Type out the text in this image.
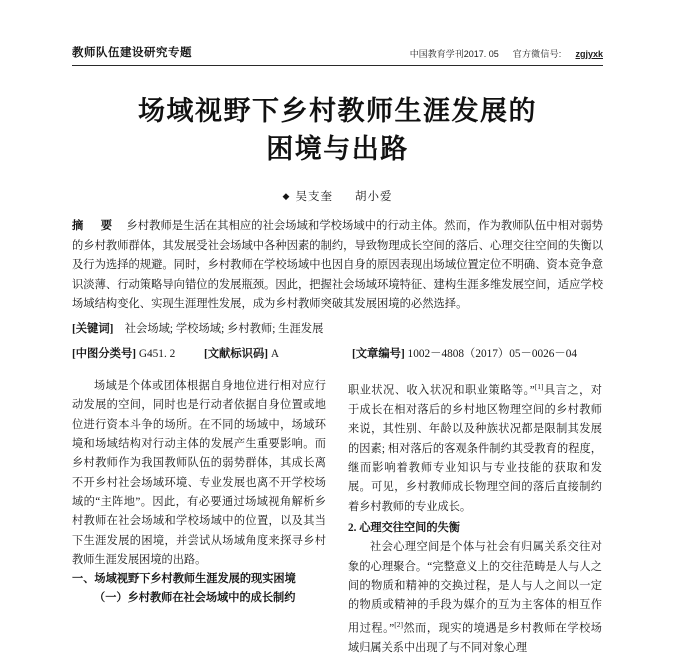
教师队伍建设研究专题	中国教育学刊2017. 05 官方微信号: zgjyxk
场域视野下乡村教师生涯发展的
困境与出路
◆ 吴支奎 胡小爱
摘　要　 乡村教师是生活在其相应的社会场域和学校场域中的行动主体。然而，作为教师队伍中相对弱势的乡村教师群体，其发展受社会场域中各种因素的制约，导致物理成长空间的落后、心理交往空间的失衡以及行为选择的规避。同时，乡村教师在学校场域中也因自身的原因表现出场域位置定位不明确、资本竞争意识淡薄、行动策略导向错位的发展瓶颈。因此，把握社会场域环境特征、建构生涯多维发展空间，适应学校场域结构变化、实现生涯理性发展，成为乡村教师突破其发展困境的必然选择。
[关键词]　 社会场域; 学校场域; 乡村教师; 生涯发展
[中图分类号] G451. 2	[文献标识码] A	[文章编号] 1002－4808（2017）05－0026－04

场域是个体或团体根据自身地位进行相对应行动发展的空间，同时也是行动者依据自身位置或地位进行资本斗争的场所。在不同的场域中，场域环境和场域结构对行动主体的发展产生重要影响。而乡村教师作为我国教师队伍的弱势群体，其成长离不开乡村社会场域环境、专业发展也离不开学校场域的“主阵地”。因此，有必要通过场域视角解析乡村教师在社会场域和学校场域中的位置，以及其当下生涯发展的困境，并尝试从场域角度来探寻乡村教师生涯发展困境的出路。

一、场域视野下乡村教师生涯发展的现实困境

（一）乡村教师在社会场域中的成长制约

职业状况、收入状况和职业策略等。”[1]具言之，对于成长在相对落后的乡村地区物理空间的乡村教师来说，其性别、年龄以及种族状况都是限制其发展的因素; 相对落后的客观条件制约其受教育的程度，继而影响着教师专业知识与专业技能的获取和发展。可见，乡村教师成长物理空间的落后直接制约着乡村教师的专业成长。

2. 心理交往空间的失衡

社会心理空间是个体与社会有归属关系交往对象的心理聚合。“完整意义上的交往范畴是人与人之间的物质和精神的交换过程，是人与人之间以一定的物质或精神的手段为媒介的互为主客体的相互作用过程。”[2]然而，现实的境遇是乡村教师在学校场域归属关系中出现了与不同对象心理
